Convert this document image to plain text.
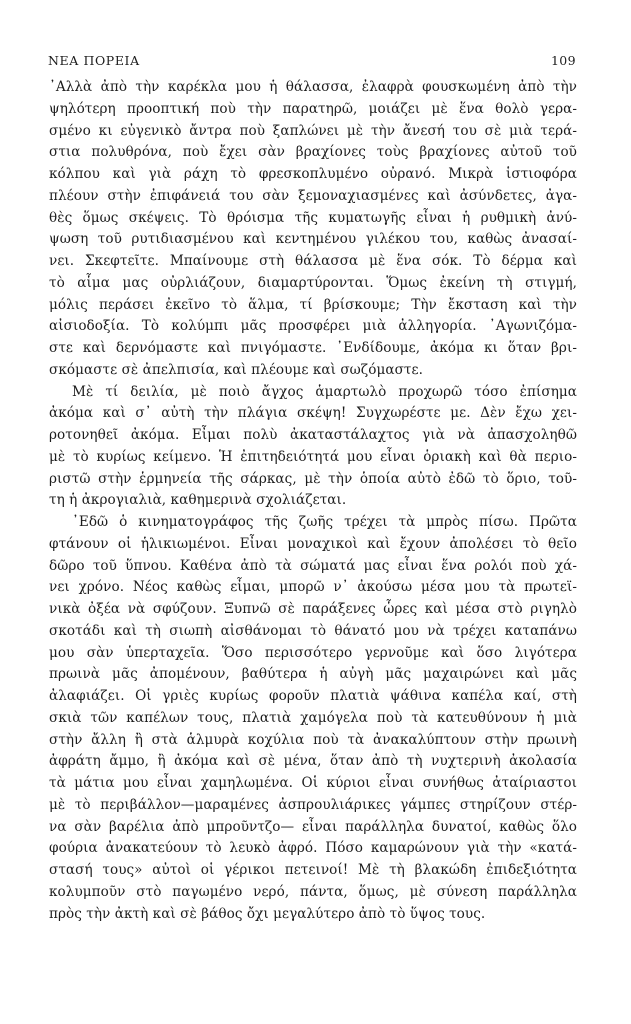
ΝΕΑ ΠΟΡΕΙΑ	109
᾿Αλλὰ ἀπὸ τὴν καρέκλα μου ἡ θάλασσα, ἐλαφρὰ φουσκωμένη ἀπὸ τὴν
ψηλότερη προοπτική ποὺ τὴν παρατηρῶ, μοιάζει μὲ ἕνα θολὸ γερα-
σμένο κι εὐγενικὸ ἄντρα ποὺ ξαπλώνει μὲ τὴν ἄνεσή του σὲ μιὰ τερά-
στια πολυθρόνα, ποὺ ἔχει σὰν βραχίονες τοὺς βραχίονες αὐτοῦ τοῦ
κόλπου καὶ γιὰ ράχη τὸ φρεσκοπλυμένο οὐρανό. Μικρὰ ἱστιοφόρα
πλέουν στὴν ἐπιφάνειά του σὰν ξεμοναχιασμένες καὶ ἀσύνδετες, ἀγα-
θὲς ὅμως σκέψεις. Τὸ θρόισμα τῆς κυματωγῆς εἶναι ἡ ρυθμικὴ ἀνύ-
ψωση τοῦ ρυτιδιασμένου καὶ κεντημένου γιλέκου του, καθὼς ἀνασαί-
νει. Σκεφτεῖτε. Μπαίνουμε στὴ θάλασσα μὲ ἕνα σόκ. Τὸ δέρμα καὶ
τὸ αἷμα μας οὐρλιάζουν, διαμαρτύρονται. Ὅμως ἐκείνη τὴ στιγμή,
μόλις περάσει ἐκεῖνο τὸ ἅλμα, τί βρίσκουμε; Τὴν ἔκσταση καὶ τὴν
αἰσιοδοξία. Τὸ κολύμπι μᾶς προσφέρει μιὰ ἀλληγορία. ᾿Αγωνιζόμα-
στε καὶ δερνόμαστε καὶ πνιγόμαστε. ᾿Ενδίδουμε, ἀκόμα κι ὅταν βρι-
σκόμαστε σὲ ἀπελπισία, καὶ πλέουμε καὶ σωζόμαστε.
Μὲ τί δειλία, μὲ ποιὸ ἄγχος ἁμαρτωλὸ προχωρῶ τόσο ἐπίσημα
ἀκόμα καὶ σ᾿ αὐτὴ τὴν πλάγια σκέψη! Συγχωρέστε με. Δὲν ἔχω χει-
ροτονηθεῖ ἀκόμα. Εἶμαι πολὺ ἀκαταστάλαχτος γιὰ νὰ ἀπασχοληθῶ
μὲ τὸ κυρίως κείμενο. Ἡ ἐπιτηδειότητά μου εἶναι ὁριακὴ καὶ θὰ περιο-
ριστῶ στὴν ἑρμηνεία τῆς σάρκας, μὲ τὴν ὁποία αὐτὸ ἐδῶ τὸ ὅριο, τοῦ-
τη ἡ ἀκρογιαλιὰ, καθημερινὰ σχολιάζεται.
᾿Εδῶ ὁ κινηματογράφος τῆς ζωῆς τρέχει τὰ μπρὸς πίσω. Πρῶτα
φτάνουν οἱ ἡλικιωμένοι. Εἶναι μοναχικοὶ καὶ ἔχουν ἀπολέσει τὸ θεῖο
δῶρο τοῦ ὕπνου. Καθένα ἀπὸ τὰ σώματά μας εἶναι ἕνα ρολόι ποὺ χά-
νει χρόνο. Νέος καθὼς εἶμαι, μπορῶ ν᾿ ἀκούσω μέσα μου τὰ πρωτεϊ-
νικὰ ὀξέα νὰ σφύζουν. Ξυπνῶ σὲ παράξενες ὧρες καὶ μέσα στὸ ριγηλὸ
σκοτάδι καὶ τὴ σιωπὴ αἰσθάνομαι τὸ θάνατό μου νὰ τρέχει καταπάνω
μου σὰν ὑπερταχεῖα. Ὅσο περισσότερο γερνοῦμε καὶ ὅσο λιγότερα
πρωινὰ μᾶς ἀπομένουν, βαθύτερα ἡ αὐγὴ μᾶς μαχαιρώνει καὶ μᾶς
ἀλαφιάζει. Οἱ γριὲς κυρίως φοροῦν πλατιὰ ψάθινα καπέλα καί, στὴ
σκιὰ τῶν καπέλων τους, πλατιὰ χαμόγελα ποὺ τὰ κατευθύνουν ἡ μιὰ
στὴν ἄλλη ἢ στὰ ἁλμυρὰ κοχύλια ποὺ τὰ ἀνακαλύπτουν στὴν πρωινὴ
ἀφράτη ἄμμο, ἢ ἀκόμα καὶ σὲ μένα, ὅταν ἀπὸ τὴ νυχτερινὴ ἀκολασία
τὰ μάτια μου εἶναι χαμηλωμένα. Οἱ κύριοι εἶναι συνήθως ἀταίριαστοι
μὲ τὸ περιβάλλον—μαραμένες ἀσπρουλιάρικες γάμπες στηρίζουν στέρ-
να σὰν βαρέλια ἀπὸ μπροῦντζο— εἶναι παράλληλα δυνατοί, καθὼς ὅλο
φούρια ἀνακατεύουν τὸ λευκὸ ἀφρό. Πόσο καμαρώνουν γιὰ τὴν «κατά-
στασή τους» αὐτοὶ οἱ γέρικοι πετεινοί! Μὲ τὴ βλακώδη ἐπιδεξιότητα
κολυμποῦν στὸ παγωμένο νερό, πάντα, ὅμως, μὲ σύνεση παράλληλα
πρὸς τὴν ἀκτὴ καὶ σὲ βάθος ὄχι μεγαλύτερο ἀπὸ τὸ ὕψος τους.
